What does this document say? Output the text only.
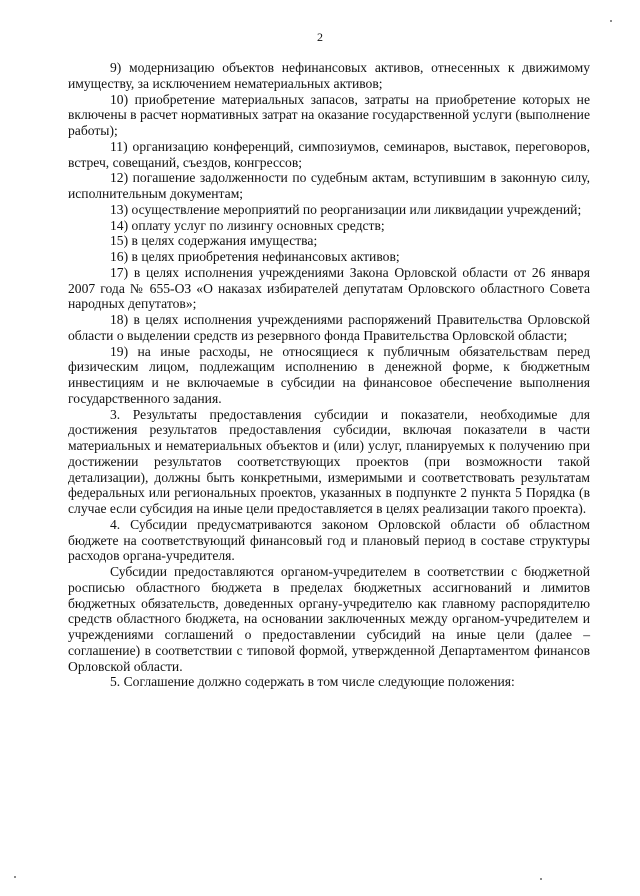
2

9) модернизацию объектов нефинансовых активов, отнесенных к движимому имуществу, за исключением нематериальных активов;

10) приобретение материальных запасов, затраты на приобретение которых не включены в расчет нормативных затрат на оказание государственной услуги (выполнение работы);

11) организацию конференций, симпозиумов, семинаров, выставок, переговоров, встреч, совещаний, съездов, конгрессов;

12) погашение задолженности по судебным актам, вступившим в законную силу, исполнительным документам;

13) осуществление мероприятий по реорганизации или ликвидации учреждений;

14) оплату услуг по лизингу основных средств;

15) в целях содержания имущества;

16) в целях приобретения нефинансовых активов;

17) в целях исполнения учреждениями Закона Орловской области от 26 января 2007 года № 655-ОЗ «О наказах избирателей депутатам Орловского областного Совета народных депутатов»;

18) в целях исполнения учреждениями распоряжений Правительства Орловской области о выделении средств из резервного фонда Правительства Орловской области;

19) на иные расходы, не относящиеся к публичным обязательствам перед физическим лицом, подлежащим исполнению в денежной форме, к бюджетным инвестициям и не включаемые в субсидии на финансовое обеспечение выполнения государственного задания.

3. Результаты предоставления субсидии и показатели, необходимые для достижения результатов предоставления субсидии, включая показатели в части материальных и нематериальных объектов и (или) услуг, планируемых к получению при достижении результатов соответствующих проектов (при возможности такой детализации), должны быть конкретными, измеримыми и соответствовать результатам федеральных или региональных проектов, указанных в подпункте 2 пункта 5 Порядка (в случае если субсидия на иные цели предоставляется в целях реализации такого проекта).

4. Субсидии предусматриваются законом Орловской области об областном бюджете на соответствующий финансовый год и плановый период в составе структуры расходов органа-учредителя.

Субсидии предоставляются органом-учредителем в соответствии с бюджетной росписью областного бюджета в пределах бюджетных ассигнований и лимитов бюджетных обязательств, доведенных органу-учредителю как главному распорядителю средств областного бюджета, на основании заключенных между органом-учредителем и учреждениями соглашений о предоставлении субсидий на иные цели (далее – соглашение) в соответствии с типовой формой, утвержденной Департаментом финансов Орловской области.

5. Соглашение должно содержать в том числе следующие положения:
